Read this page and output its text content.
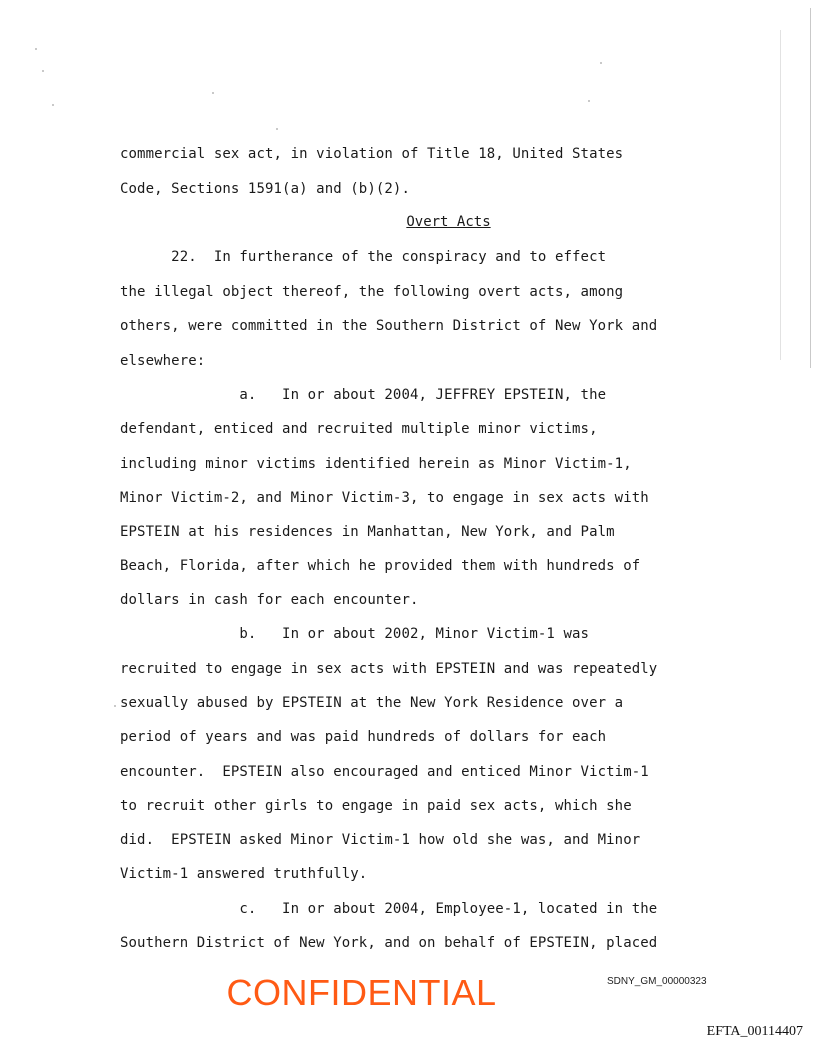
commercial sex act, in violation of Title 18, United States
Code, Sections 1591(a) and (b)(2).
Overt Acts
22.  In furtherance of the conspiracy and to effect
the illegal object thereof, the following overt acts, among
others, were committed in the Southern District of New York and
elsewhere:
a.   In or about 2004, JEFFREY EPSTEIN, the
defendant, enticed and recruited multiple minor victims,
including minor victims identified herein as Minor Victim-1,
Minor Victim-2, and Minor Victim-3, to engage in sex acts with
EPSTEIN at his residences in Manhattan, New York, and Palm
Beach, Florida, after which he provided them with hundreds of
dollars in cash for each encounter.
b.   In or about 2002, Minor Victim-1 was
recruited to engage in sex acts with EPSTEIN and was repeatedly
sexually abused by EPSTEIN at the New York Residence over a
period of years and was paid hundreds of dollars for each
encounter.  EPSTEIN also encouraged and enticed Minor Victim-1
to recruit other girls to engage in paid sex acts, which she
did.  EPSTEIN asked Minor Victim-1 how old she was, and Minor
Victim-1 answered truthfully.
c.   In or about 2004, Employee-1, located in the
Southern District of New York, and on behalf of EPSTEIN, placed
CONFIDENTIAL	SDNY_GM_00000323
EFTA_00114407
